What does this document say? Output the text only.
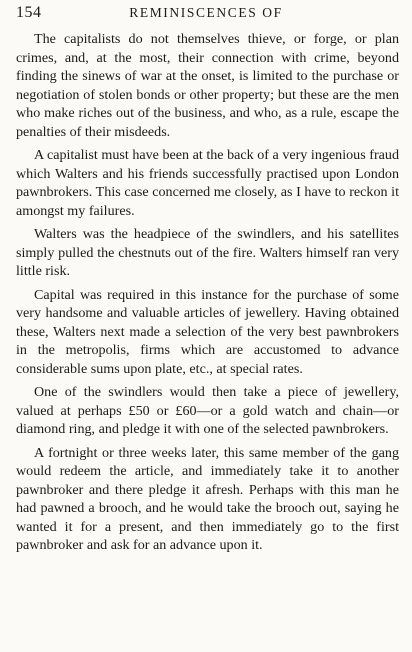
154	REMINISCENCES OF

The capitalists do not themselves thieve, or forge, or plan crimes, and, at the most, their connection with crime, beyond finding the sinews of war at the onset, is limited to the purchase or negotiation of stolen bonds or other property; but these are the men who make riches out of the business, and who, as a rule, escape the penalties of their misdeeds.

A capitalist must have been at the back of a very ingenious fraud which Walters and his friends successfully practised upon London pawnbrokers. This case concerned me closely, as I have to reckon it amongst my failures.

Walters was the headpiece of the swindlers, and his satellites simply pulled the chestnuts out of the fire. Walters himself ran very little risk.

Capital was required in this instance for the purchase of some very handsome and valuable articles of jewellery. Having obtained these, Walters next made a selection of the very best pawnbrokers in the metropolis, firms which are accustomed to advance considerable sums upon plate, etc., at special rates.

One of the swindlers would then take a piece of jewellery, valued at perhaps £50 or £60—or a gold watch and chain—or diamond ring, and pledge it with one of the selected pawnbrokers.

A fortnight or three weeks later, this same member of the gang would redeem the article, and immediately take it to another pawnbroker and there pledge it afresh. Perhaps with this man he had pawned a brooch, and he would take the brooch out, saying he wanted it for a present, and then immediately go to the first pawnbroker and ask for an advance upon it.
